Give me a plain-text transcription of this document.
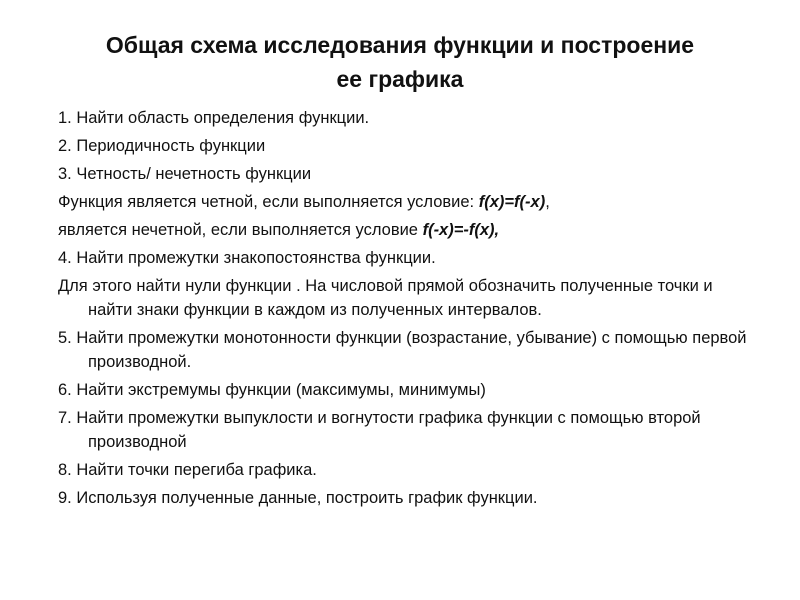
Общая схема исследования функции и построение
ее графика

1. Найти область определения функции.

2. Периодичность функции

3. Четность/ нечетность функции

Функция является четной, если выполняется условие: f(x)=f(-x),

является нечетной, если выполняется условие f(-x)=-f(x),

4. Найти промежутки знакопостоянства функции.

Для этого найти нули функции . На числовой прямой обозначить полученные точки и найти знаки функции в каждом из полученных интервалов.

5. Найти промежутки монотонности функции (возрастание, убывание) с помощью первой производной.

6. Найти экстремумы функции (максимумы, минимумы)

7. Найти промежутки выпуклости и вогнутости графика функции с помощью второй производной

8. Найти точки перегиба графика.

9. Используя полученные данные, построить график функции.
